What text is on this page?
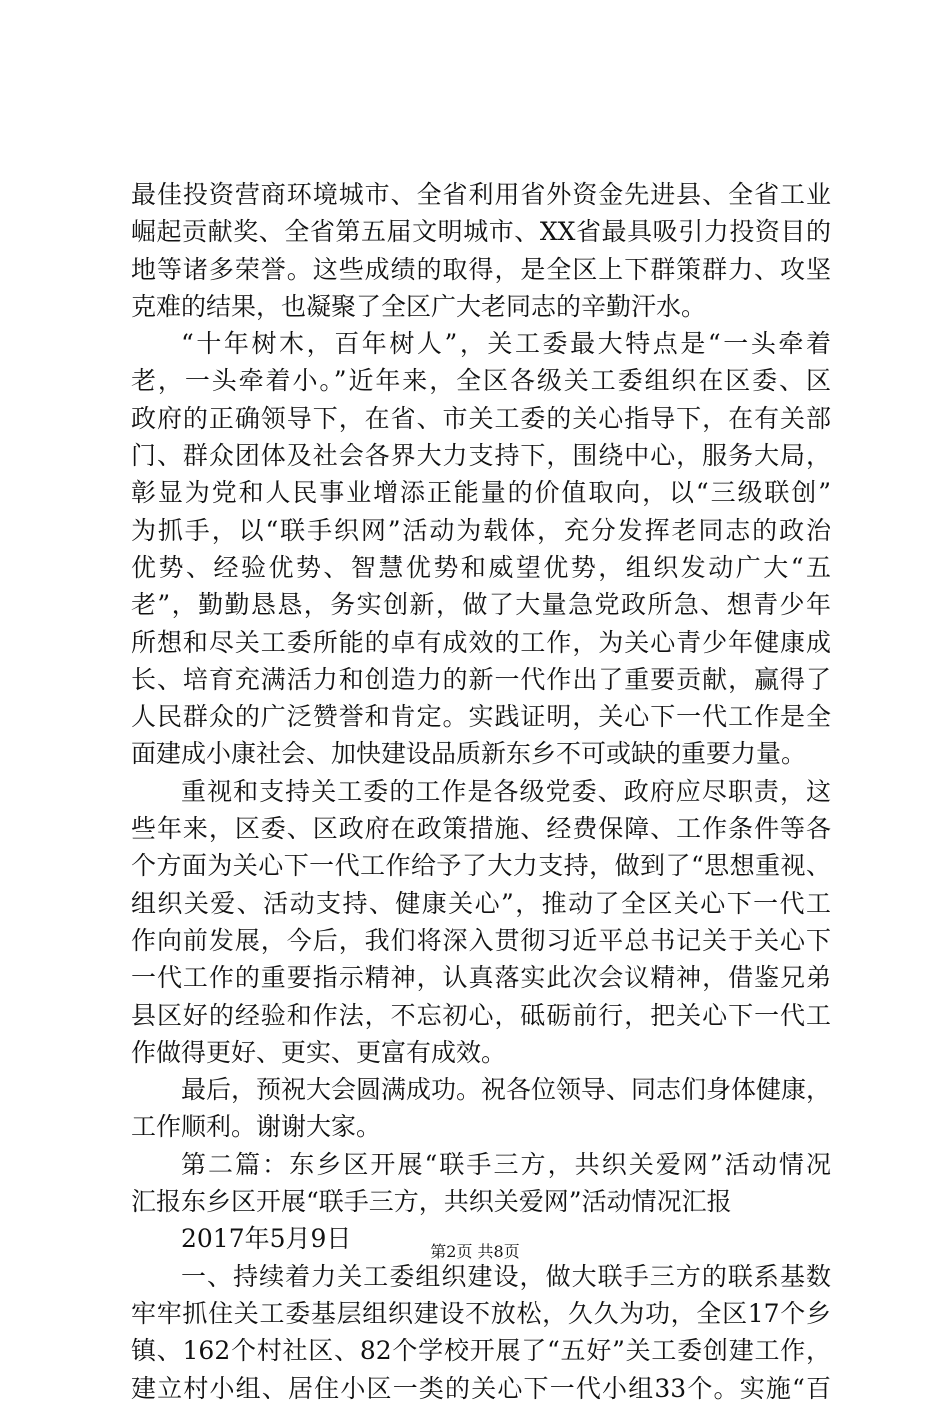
最佳投资营商环境城市、全省利用省外资金先进县、全省工业
崛起贡献奖、全省第五届文明城市、XX省最具吸引力投资目的
地等诸多荣誉。这些成绩的取得，是全区上下群策群力、攻坚
克难的结果，也凝聚了全区广大老同志的辛勤汗水。
“十年树木，百年树人”，关工委最大特点是“一头牵着
老，一头牵着小。”近年来，全区各级关工委组织在区委、区
政府的正确领导下，在省、市关工委的关心指导下，在有关部
门、群众团体及社会各界大力支持下，围绕中心，服务大局，
彰显为党和人民事业增添正能量的价值取向，以“三级联创”
为抓手，以“联手织网”活动为载体，充分发挥老同志的政治
优势、经验优势、智慧优势和威望优势，组织发动广大“五
老”，勤勤恳恳，务实创新，做了大量急党政所急、想青少年
所想和尽关工委所能的卓有成效的工作，为关心青少年健康成
长、培育充满活力和创造力的新一代作出了重要贡献，赢得了
人民群众的广泛赞誉和肯定。实践证明，关心下一代工作是全
面建成小康社会、加快建设品质新东乡不可或缺的重要力量。
重视和支持关工委的工作是各级党委、政府应尽职责，这
些年来，区委、区政府在政策措施、经费保障、工作条件等各
个方面为关心下一代工作给予了大力支持，做到了“思想重视、
组织关爱、活动支持、健康关心”，推动了全区关心下一代工
作向前发展，今后，我们将深入贯彻习近平总书记关于关心下
一代工作的重要指示精神，认真落实此次会议精神，借鉴兄弟
县区好的经验和作法，不忘初心，砥砺前行，把关心下一代工
作做得更好、更实、更富有成效。
最后，预祝大会圆满成功。祝各位领导、同志们身体健康，
工作顺利。谢谢大家。
第二篇：东乡区开展“联手三方，共织关爱网”活动情况
汇报东乡区开展“联手三方，共织关爱网”活动情况汇报
2017年5月9日
一、持续着力关工委组织建设，做大联手三方的联系基数
牢牢抓住关工委基层组织建设不放松，久久为功，全区17个乡
镇、162个村社区、82个学校开展了“五好”关工委创建工作，
建立村小组、居住小区一类的关心下一代小组33个。实施“百
第2页 共8页
